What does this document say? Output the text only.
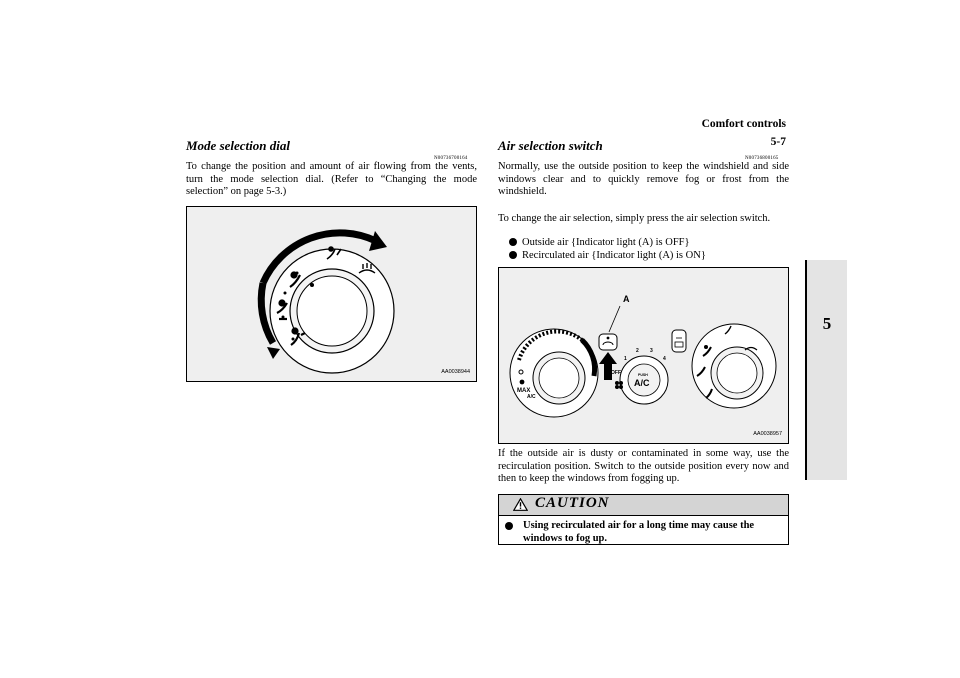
Comfort controls
5-7
5
Mode selection dial
N00736700164
To change the position and amount of air flowing from the vents, turn the mode selection dial. (Refer to “Changing the mode selection” on page 5-3.)
AA0038944
Air selection switch
N00736800165
Normally, use the outside position to keep the windshield and side windows clear and to quickly remove fog or frost from the windshield.
To change the air selection, simply press the air selection switch.
Outside air {Indicator light (A) is OFF}
Recirculated air {Indicator light (A) is ON}
MAX
A/C
A
1
2 3
4
OFF	PUSH
A/C
AA0038957
If the outside air is dusty or contaminated in some way, use the recirculation position. Switch to the outside position every now and then to keep the windows from fogging up.
CAUTION
Using recirculated air for a long time may cause the windows to fog up.
